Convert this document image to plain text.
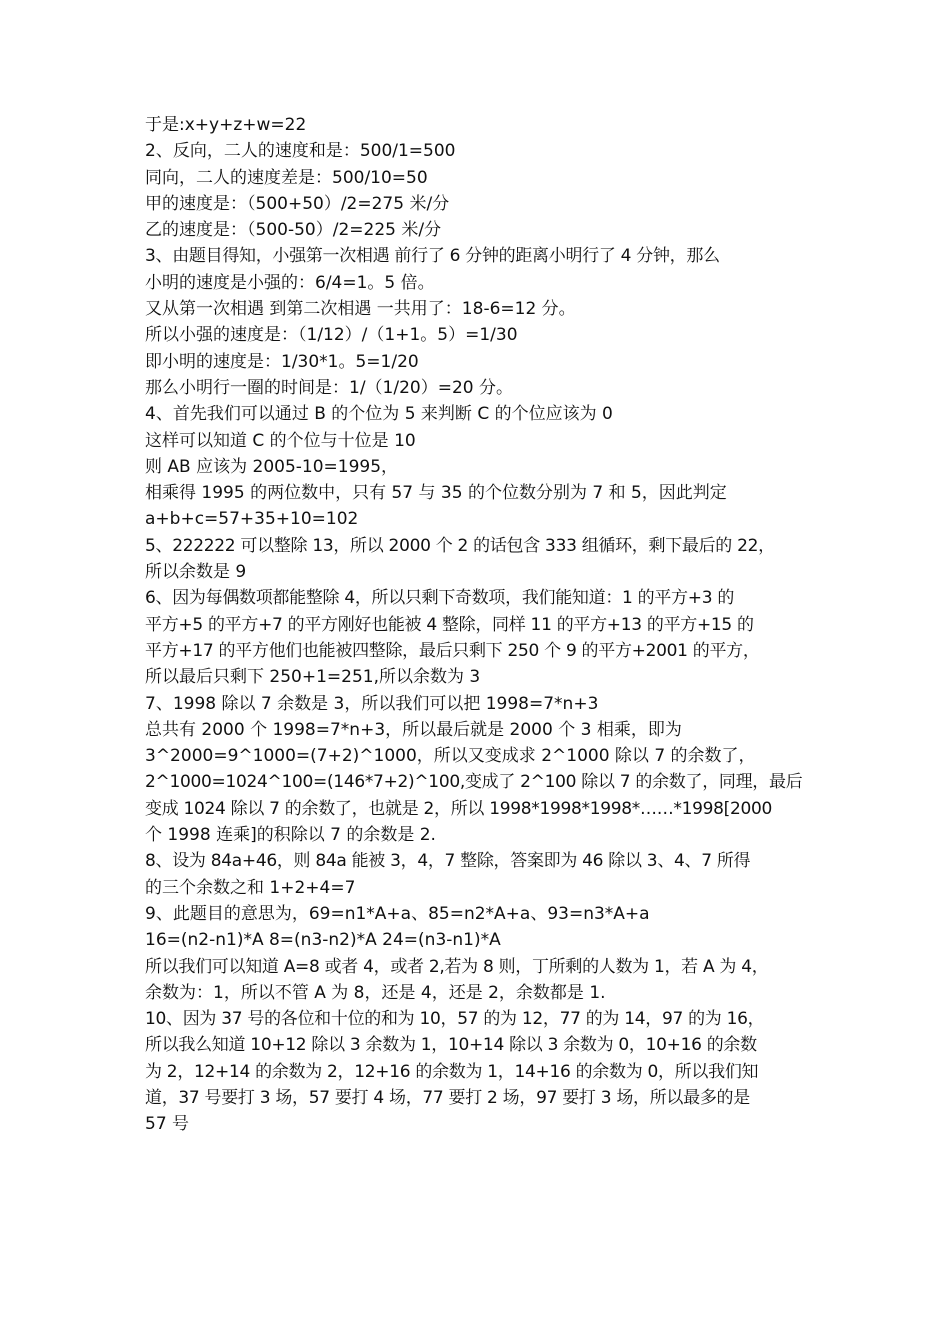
于是:x+y+z+w=22
2、反向，二人的速度和是：500/1=500
同向，二人的速度差是：500/10=50
甲的速度是：（500+50）/2=275 米/分
乙的速度是：（500-50）/2=225 米/分
3、由题目得知，小强第一次相遇 前行了 6 分钟的距离小明行了 4 分钟，那么
小明的速度是小强的：6/4=1。5 倍。
又从第一次相遇 到第二次相遇 一共用了：18-6=12 分。
所以小强的速度是：（1/12）/（1+1。5）=1/30
即小明的速度是：1/30*1。5=1/20
那么小明行一圈的时间是：1/（1/20）=20 分。
4、首先我们可以通过 B 的个位为 5 来判断 C 的个位应该为 0
这样可以知道 C 的个位与十位是 10
则 AB 应该为 2005-10=1995，
相乘得 1995 的两位数中，只有 57 与 35 的个位数分别为 7 和 5，因此判定
a+b+c=57+35+10=102
5、222222 可以整除 13，所以 2000 个 2 的话包含 333 组循环，剩下最后的 22，
所以余数是 9
6、因为每偶数项都能整除 4，所以只剩下奇数项，我们能知道：1 的平方+3 的
平方+5 的平方+7 的平方刚好也能被 4 整除，同样 11 的平方+13 的平方+15 的
平方+17 的平方他们也能被四整除，最后只剩下 250 个 9 的平方+2001 的平方，
所以最后只剩下 250+1=251,所以余数为 3
7、1998 除以 7 余数是 3，所以我们可以把 1998=7*n+3
总共有 2000 个 1998=7*n+3，所以最后就是 2000 个 3 相乘，即为
3^2000=9^1000=(7+2)^1000，所以又变成求 2^1000 除以 7 的余数了，
2^1000=1024^100=(146*7+2)^100,变成了 2^100 除以 7 的余数了，同理，最后
变成 1024 除以 7 的余数了，也就是 2，所以 1998*1998*1998*……*1998[2000
个 1998 连乘]的积除以 7 的余数是 2.
8、设为 84a+46，则 84a 能被 3，4，7 整除，答案即为 46 除以 3、4、7 所得
的三个余数之和 1+2+4=7
9、此题目的意思为，69=n1*A+a、85=n2*A+a、93=n3*A+a
16=(n2-n1)*A 8=(n3-n2)*A 24=(n3-n1)*A
所以我们可以知道 A=8 或者 4，或者 2,若为 8 则，丁所剩的人数为 1，若 A 为 4，
余数为：1，所以不管 A 为 8，还是 4，还是 2，余数都是 1.
10、因为 37 号的各位和十位的和为 10，57 的为 12，77 的为 14，97 的为 16，
所以我么知道 10+12 除以 3 余数为 1，10+14 除以 3 余数为 0，10+16 的余数
为 2，12+14 的余数为 2，12+16 的余数为 1，14+16 的余数为 0，所以我们知
道，37 号要打 3 场，57 要打 4 场，77 要打 2 场，97 要打 3 场，所以最多的是
57 号
